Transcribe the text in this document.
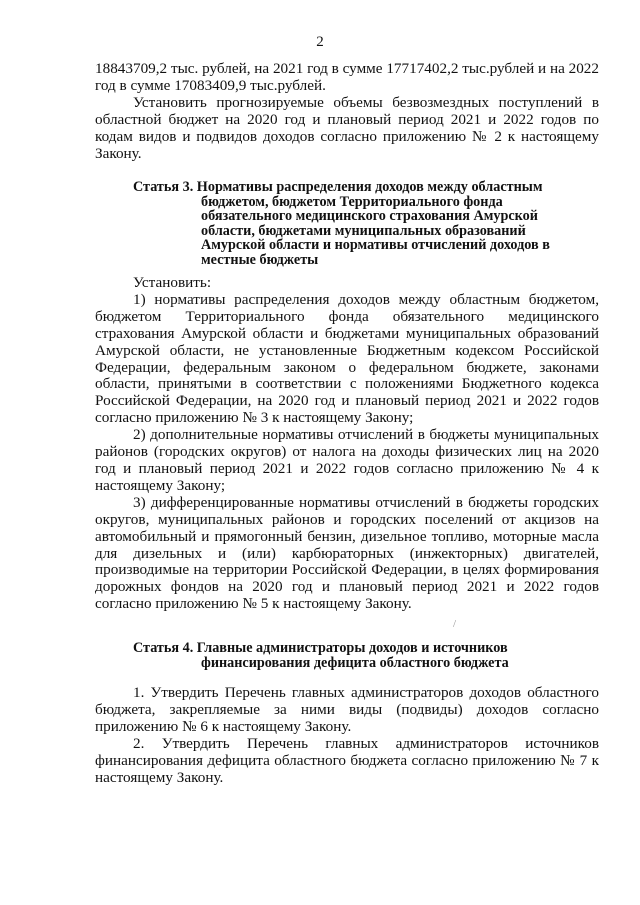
2

18843709,2 тыс. рублей, на 2021 год в сумме 17717402,2 тыс.рублей и на 2022 год в сумме 17083409,9 тыс.рублей.

Установить прогнозируемые объемы безвозмездных поступлений в областной бюджет на 2020 год и плановый период 2021 и 2022 годов по кодам видов и подвидов доходов согласно приложению № 2 к настоящему Закону.

Статья 3. Нормативы распределения доходов между областным
бюджетом, бюджетом Территориального фонда
обязательного медицинского страхования Амурской
области, бюджетами муниципальных образований
Амурской области и нормативы отчислений доходов в
местные бюджеты

Установить:

1) нормативы распределения доходов между областным бюджетом, бюджетом Территориального фонда обязательного медицинского страхования Амурской области и бюджетами муниципальных образований Амурской области, не установленные Бюджетным кодексом Российской Федерации, федеральным законом о федеральном бюджете, законами области, принятыми в соответствии с положениями Бюджетного кодекса Российской Федерации, на 2020 год и плановый период 2021 и 2022 годов согласно приложению № 3 к настоящему Закону;

2) дополнительные нормативы отчислений в бюджеты муниципальных районов (городских округов) от налога на доходы физических лиц на 2020 год и плановый период 2021 и 2022 годов согласно приложению № 4 к настоящему Закону;

3) дифференцированные нормативы отчислений в бюджеты городских округов, муниципальных районов и городских поселений от акцизов на автомобильный и прямогонный бензин, дизельное топливо, моторные масла для дизельных и (или) карбюраторных (инжекторных) двигателей, производимые на территории Российской Федерации, в целях формирования дорожных фондов на 2020 год и плановый период 2021 и 2022 годов согласно приложению № 5 к настоящему Закону.

Статья 4. Главные администраторы доходов и источников
финансирования дефицита областного бюджета

1. Утвердить Перечень главных администраторов доходов областного бюджета, закрепляемые за ними виды (подвиды) доходов согласно приложению № 6 к настоящему Закону.

2. Утвердить Перечень главных администраторов источников финансирования дефицита областного бюджета согласно приложению № 7 к настоящему Закону.

/
